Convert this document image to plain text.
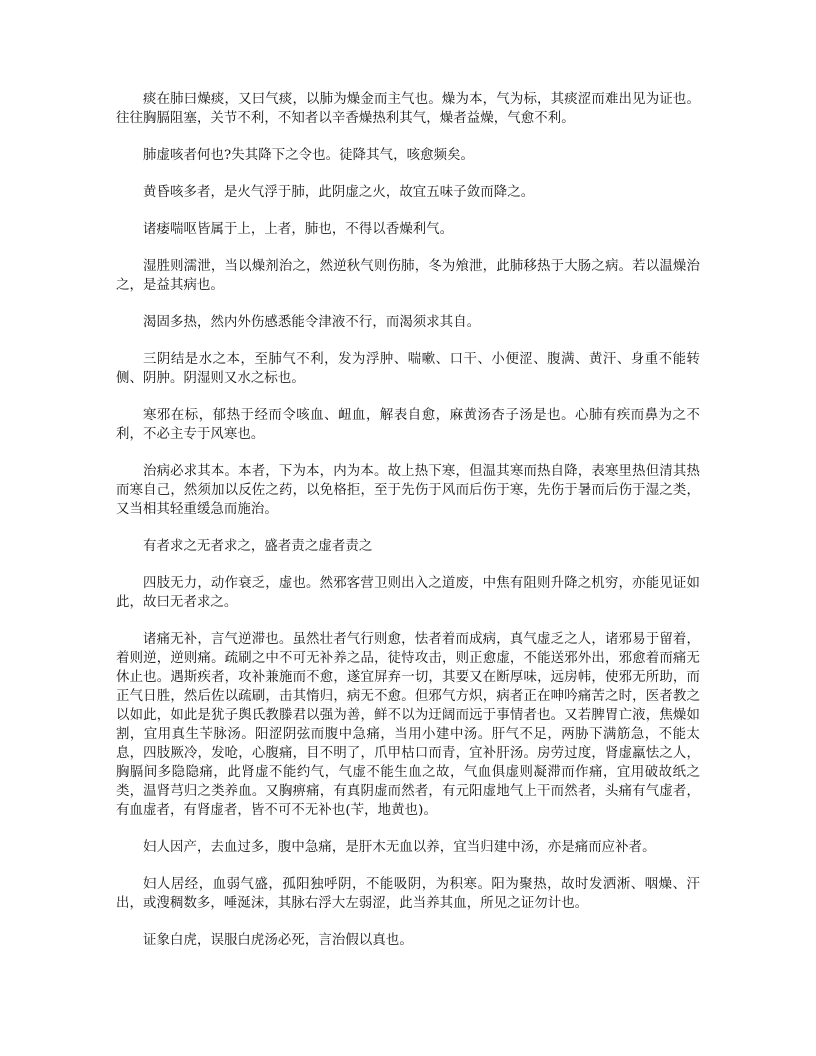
痰在肺曰燥痰，又曰气痰，以肺为燥金而主气也。燥为本，气为标，其痰涩而难出见为证也。往往胸膈阻塞，关节不利，不知者以辛香燥热利其气，燥者益燥，气愈不利。

肺虚咳者何也?失其降下之令也。徒降其气，咳愈频矣。

黄昏咳多者，是火气浮于肺，此阴虚之火，故宜五味子敛而降之。

诸痿喘呕皆属于上，上者，肺也，不得以香燥利气。

湿胜则濡泄，当以燥剂治之，然逆秋气则伤肺，冬为飧泄，此肺移热于大肠之病。若以温燥治之，是益其病也。

渴固多热，然内外伤感悉能令津液不行，而渴须求其自。

三阴结是水之本，至肺气不利，发为浮肿、喘嗽、口干、小便涩、腹满、黄汗、身重不能转侧、阴肿。阴湿则又水之标也。

寒邪在标，郁热于经而令咳血、衄血，解表自愈，麻黄汤杏子汤是也。心肺有疾而鼻为之不利，不必主专于风寒也。

治病必求其本。本者，下为本，内为本。故上热下寒，但温其寒而热自降，表寒里热但清其热而寒自己，然须加以反佐之药，以免格拒，至于先伤于风而后伤于寒，先伤于暑而后伤于湿之类，又当相其轻重缓急而施治。

有者求之无者求之，盛者责之虚者责之

四肢无力，动作衰乏，虚也。然邪客营卫则出入之道废，中焦有阻则升降之机穷，亦能见证如此，故曰无者求之。

诸痛无补，言气逆滞也。虽然壮者气行则愈，怯者着而成病，真气虚乏之人，诸邪易于留着，着则逆，逆则痛。疏刷之中不可无补养之品，徒恃攻击，则正愈虚，不能送邪外出，邪愈着而痛无休止也。遇斯疾者，攻补兼施而不愈，遂宜屏弃一切，其要又在断厚味，远房帏，使邪无所助，而正气日胜，然后佐以疏刷，击其惰归，病无不愈。但邪气方炽，病者正在呻吟痛苦之时，医者教之以如此，如此是犹子舆氏教滕君以强为善，鲜不以为迂阔而远于事情者也。又若脾胃亡液，焦燥如割，宜用真生苄脉汤。阳涩阴弦而腹中急痛，当用小建中汤。肝气不足，两胁下满筋急，不能太息，四肢厥冷，发呛，心腹痛，目不明了，爪甲枯口而青，宜补肝汤。房劳过度，肾虚羸怯之人，胸膈间多隐隐痛，此肾虚不能约气，气虚不能生血之故，气血俱虚则凝滞而作痛，宜用破故纸之类，温肾芎归之类养血。又胸痹痛，有真阴虚而然者，有元阳虚地气上干而然者，头痛有气虚者，有血虚者，有肾虚者，皆不可不无补也(苄，地黄也)。

妇人因产，去血过多，腹中急痛，是肝木无血以养，宜当归建中汤，亦是痛而应补者。

妇人居经，血弱气盛，孤阳独呼阴，不能吸阴，为积寒。阳为聚热，故时发洒淅、咽燥、汗出，或溲稠数多，唾涎沫，其脉右浮大左弱涩，此当养其血，所见之证勿计也。

证象白虎，误服白虎汤必死，言治假以真也。
